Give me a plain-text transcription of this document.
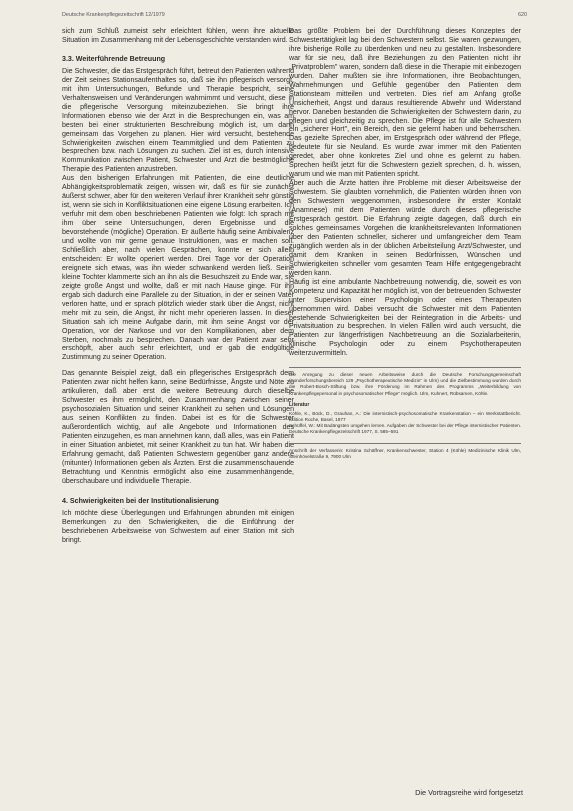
Deutsche Krankenpflegezeitschrift 12/1979	620

sich zum Schluß zumeist sehr erleichtert fühlen, wenn ihre aktuelle Situation im Zusammenhang mit der Lebensgeschichte verstanden wird.

3.3. Weiterführende Betreuung

Die Schwester, die das Erstgespräch führt, betreut den Patienten während der Zeit seines Stationsaufenthaltes so, daß sie ihn pflegerisch versorgt, mit ihm Untersuchungen, Befunde und Therapie bespricht, seine Verhaltensweisen und Veränderungen wahrnimmt und versucht, diese in die pflegerische Versorgung miteinzubeziehen. Sie bringt ihre Informationen ebenso wie der Arzt in die Besprechungen ein, was am besten bei einer strukturierten Beschreibung möglich ist, um dann gemeinsam das Vorgehen zu planen. Hier wird versucht, bestehende Schwierigkeiten zwischen einem Teammitglied und dem Patienten zu besprechen bzw. nach Lösungen zu suchen. Ziel ist es, durch intensive Kommunikation zwischen Patient, Schwester und Arzt die bestmögliche Therapie des Patienten anzustreben.

Aus den bisherigen Erfahrungen mit Patienten, die eine deutliche Abhängigkeitsproblematik zeigen, wissen wir, daß es für sie zunächst äußerst schwer, aber für den weiteren Verlauf ihrer Krankheit sehr günstig ist, wenn sie sich in Konfliktsituationen eine eigene Lösung erarbeiten. Ich verfuhr mit dem oben beschriebenen Patienten wie folgt: Ich sprach mit ihm über seine Untersuchungen, deren Ergebnisse und die bevorstehende (mögliche) Operation. Er äußerte häufig seine Ambivalenz und wollte von mir gerne genaue Instruktionen, was er machen soll. Schließlich aber, nach vielen Gesprächen, konnte er sich allein entscheiden: Er wollte operiert werden. Drei Tage vor der Operation ereignete sich etwas, was ihn wieder schwankend werden ließ. Seine kleine Tochter klammerte sich an ihn als die Besuchszeit zu Ende war, sie zeigte große Angst und wollte, daß er mit nach Hause ginge. Für ihn ergab sich dadurch eine Parallele zu der Situation, in der er seinen Vater verloren hatte, und er sprach plötzlich wieder stark über die Angst, nicht mehr mit zu sein, die Angst, ihr nicht mehr operieren lassen. In dieser Situation sah ich meine Aufgabe darin, mit ihm seine Angst vor der Operation, vor der Narkose und vor den Komplikationen, aber dem Sterben, nochmals zu besprechen. Danach war der Patient zwar sehr erschöpft, aber auch sehr erleichtert, und er gab die endgültige Zustimmung zu seiner Operation.

Das genannte Beispiel zeigt, daß ein pflegerisches Erstgespräch dem Patienten zwar nicht helfen kann, seine Bedürfnisse, Ängste und Nöte zu artikulieren, daß aber erst die weitere Betreuung durch dieselbe Schwester es ihm ermöglicht, den Zusammenhang zwischen seiner psychosozialen Situation und seiner Krankheit zu sehen und Lösungen aus seinen Konflikten zu finden. Dabei ist es für die Schwester außerordentlich wichtig, auf alle Angebote und Informationen des Patienten einzugehen, es man annehmen kann, daß alles, was ein Patient in einer Situation anbietet, mit seiner Krankheit zu tun hat. Wir haben die Erfahrung gemacht, daß Patienten Schwestern gegenüber ganz andere (mitunter) Informationen geben als Ärzten. Erst die zusammenschauende Betrachtung und Kenntnis ermöglicht also eine zusammenhängende, überschaubare und individuelle Therapie.

4. Schwierigkeiten bei der Institutionalisierung

Ich möchte diese Überlegungen und Erfahrungen abrunden mit einigen Bemerkungen zu den Schwierigkeiten, die die Einführung der beschriebenen Arbeitsweise von Schwestern auf einer Station mit sich bringt.

Das größte Problem bei der Durchführung dieses Konzeptes der Schwestertätigkeit lag bei den Schwestern selbst. Sie waren gezwungen, ihre bisherige Rolle zu überdenken und neu zu gestalten. Insbesondere war für sie neu, daß ihre Beziehungen zu den Patienten nicht ihr „Privatproblem" waren, sondern daß diese in die Therapie mit einbezogen wurden. Daher mußten sie ihre Informationen, ihre Beobachtungen, Wahrnehmungen und Gefühle gegenüber den Patienten dem Stationsteam mitteilen und vertreten. Dies rief am Anfang große Unsicherheit, Angst und daraus resultierende Abwehr und Widerstand hervor. Daneben bestanden die Schwierigkeiten der Schwestern darin, zu pflegen und gleichzeitig zu sprechen. Die Pflege ist für alle Schwestern ein „sicherer Hort", ein Bereich, den sie gelernt haben und beherrschen. Das gezielte Sprechen aber, im Erstgespräch oder während der Pflege, bedeutete für sie Neuland. Es wurde zwar immer mit den Patienten geredet, aber ohne konkretes Ziel und ohne es gelernt zu haben. Sprechen heißt jetzt für die Schwestern gezielt sprechen, d. h. wissen, warum und wie man mit Patienten spricht.

Aber auch die Ärzte hatten ihre Probleme mit dieser Arbeitsweise der Schwestern. Sie glaubten vornehmlich, die Patienten würden ihnen von den Schwestern weggenommen, insbesondere ihr erster Kontakt (Anamnese) mit dem Patienten würde durch dieses pflegerische Erstgespräch gestört. Die Erfahrung zeigte dagegen, daß durch ein solches gemeinsames Vorgehen die krankheitsrelevanten Informationen über den Patienten schneller, sicherer und umfangreicher dem Team zugänglich werden als in der üblichen Arbeitsteilung Arzt/Schwester, und damit dem Kranken in seinen Bedürfnissen, Wünschen und Schwierigkeiten schneller vom gesamten Team Hilfe entgegengebracht werden kann.

Häufig ist eine ambulante Nachbetreuung notwendig, die, soweit es von Kompetenz und Kapazität her möglich ist, von der betreuenden Schwester unter Supervision einer Psychologin oder eines Therapeuten übernommen wird. Dabei versucht die Schwester mit dem Patienten bestehende Schwierigkeiten bei der Reintegration in die Arbeits- und Privatsituation zu besprechen. In vielen Fällen wird auch versucht, die Patienten zur längerfristigen Nachbetreuung an die Sozialarbeiterin, klinische Psychologin oder zu einem Psychotherapeuten weiterzuvermitteln.

Die Anregung zu dieser neuen Arbeitsweise durch die Deutsche Forschungsgemeinschaft (Sonderforschungsbereich 129 „Psychotherapeutische Medizin" in Ulm) und die Zielbestimmung wurden durch die Robert-Bosch-Stiftung bzw. ihre Förderung im Rahmen des Programms „Weiterbildung von Krankenpflegepersonal in psychosomatischer Pflege" möglich. Ulm, Kuhnert, Rübsamen, Köhle.

Literatur

Köhle, K., Böck, D., Grauhan, A.: Die internistisch-psychosomatische Krankenstation – ein Werkstattbericht. Edition Roche, Basel, 1977

Schüffel, W.: Mit Badängsten umgehen lernen. Aufgaben der Schwester bei der Pflege internistischer Patienten. Deutsche Krankenpflegezeitschrift 1977, S. 585–591

Anschrift der Verfasserin: Kristina Schäffner, Krankenschwester, Station 4 (Köhle) Medizinische Klinik Ulm, Steinhövelstraße 9, 7900 Ulm

Die Vortragsreihe wird fortgesetzt
